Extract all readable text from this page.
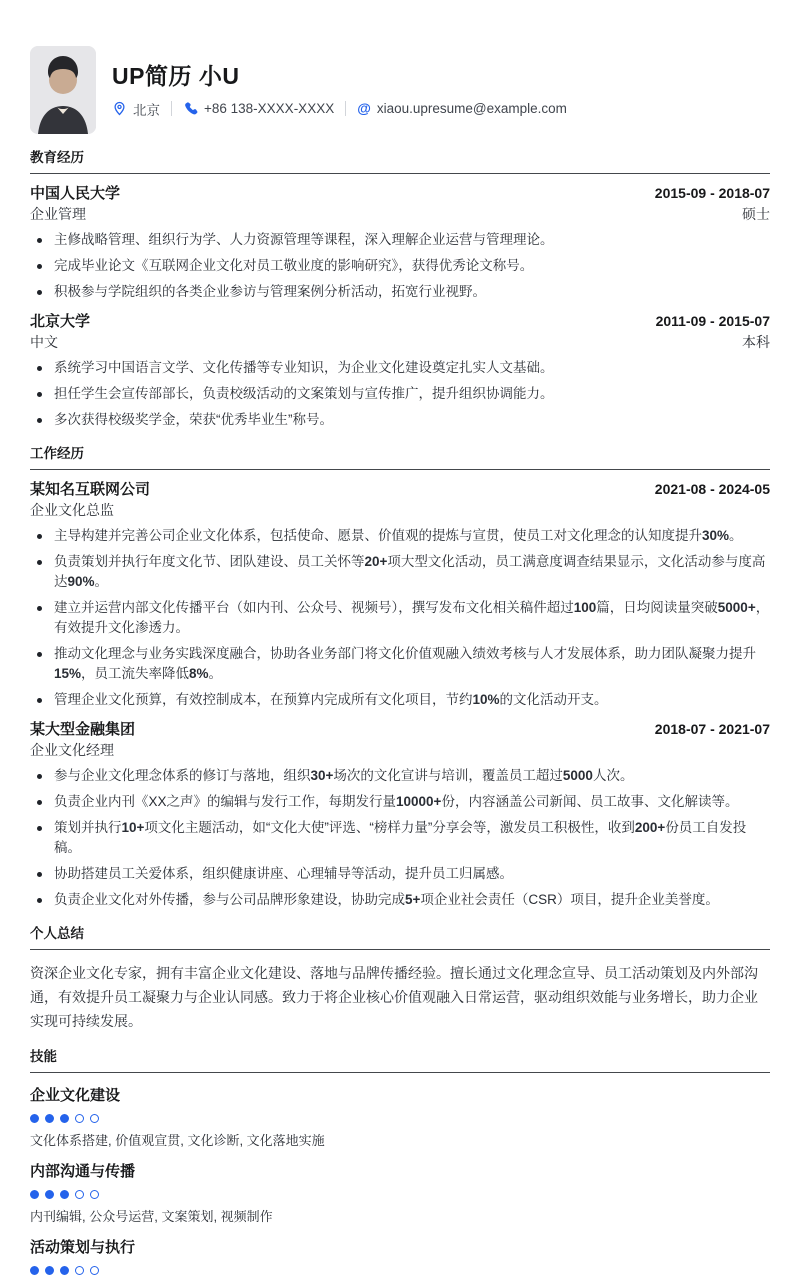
UP简历 小U
北京	+86 138-XXXX-XXXX @ xiaou.upresume@example.com
教育经历
中国人民大学	2015-09 - 2018-07
企业管理	硕士
主修战略管理、组织行为学、人力资源管理等课程，深入理解企业运营与管理理论。
完成毕业论文《互联网企业文化对员工敬业度的影响研究》，获得优秀论文称号。
积极参与学院组织的各类企业参访与管理案例分析活动，拓宽行业视野。
北京大学	2011-09 - 2015-07
中文	本科
系统学习中国语言文学、文化传播等专业知识，为企业文化建设奠定扎实人文基础。
担任学生会宣传部部长，负责校级活动的文案策划与宣传推广，提升组织协调能力。
多次获得校级奖学金，荣获“优秀毕业生”称号。
工作经历
某知名互联网公司	2021-08 - 2024-05
企业文化总监
主导构建并完善公司企业文化体系，包括使命、愿景、价值观的提炼与宣贯，使员工对文化理念的认知度提升30%。
负责策划并执行年度文化节、团队建设、员工关怀等20+项大型文化活动，员工满意度调查结果显示，文化活动参与度高达90%。
建立并运营内部文化传播平台（如内刊、公众号、视频号），撰写发布文化相关稿件超过100篇，日均阅读量突破5000+，有效提升文化渗透力。
推动文化理念与业务实践深度融合，协助各业务部门将文化价值观融入绩效考核与人才发展体系，助力团队凝聚力提升15%，员工流失率降低8%。
管理企业文化预算，有效控制成本，在预算内完成所有文化项目，节约10%的文化活动开支。
某大型金融集团	2018-07 - 2021-07
企业文化经理
参与企业文化理念体系的修订与落地，组织30+场次的文化宣讲与培训，覆盖员工超过5000人次。
负责企业内刊《XX之声》的编辑与发行工作，每期发行量10000+份，内容涵盖公司新闻、员工故事、文化解读等。
策划并执行10+项文化主题活动，如“文化大使”评选、“榜样力量”分享会等，激发员工积极性，收到200+份员工自发投稿。
协助搭建员工关爱体系，组织健康讲座、心理辅导等活动，提升员工归属感。
负责企业文化对外传播，参与公司品牌形象建设，协助完成5+项企业社会责任（CSR）项目，提升企业美誉度。
个人总结

资深企业文化专家，拥有丰富企业文化建设、落地与品牌传播经验。擅长通过文化理念宣导、员工活动策划及内外部沟通，有效提升员工凝聚力与企业认同感。致力于将企业核心价值观融入日常运营，驱动组织效能与业务增长，助力企业实现可持续发展。

技能
企业文化建设
文化体系搭建, 价值观宣贯, 文化诊断, 文化落地实施
内部沟通与传播
内刊编辑, 公众号运营, 文案策划, 视频制作
活动策划与执行
